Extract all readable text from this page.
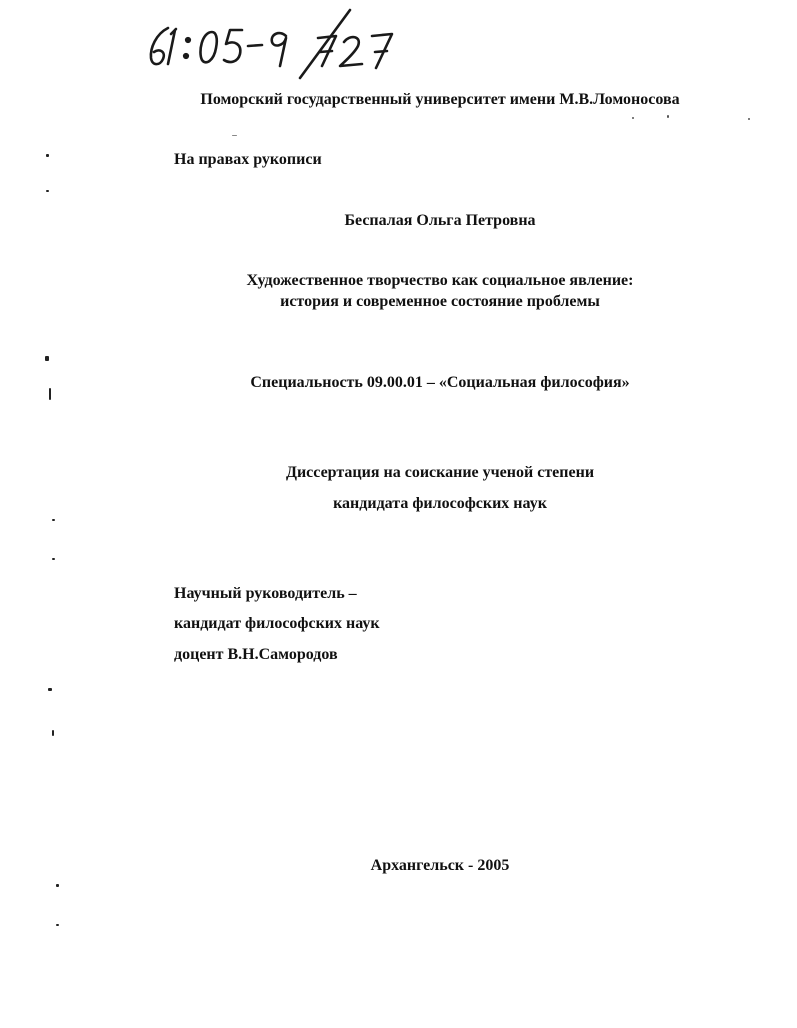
Поморский государственный университет имени М.В.Ломоносова

На правах рукописи

Беспалая Ольга Петровна

Художественное творчество как социальное явление:

история и современное состояние проблемы

Специальность 09.00.01 – «Социальная философия»

Диссертация на соискание ученой степени

кандидата философских наук

Научный руководитель –

кандидат философских наук

доцент В.Н.Самородов

Архангельск - 2005
